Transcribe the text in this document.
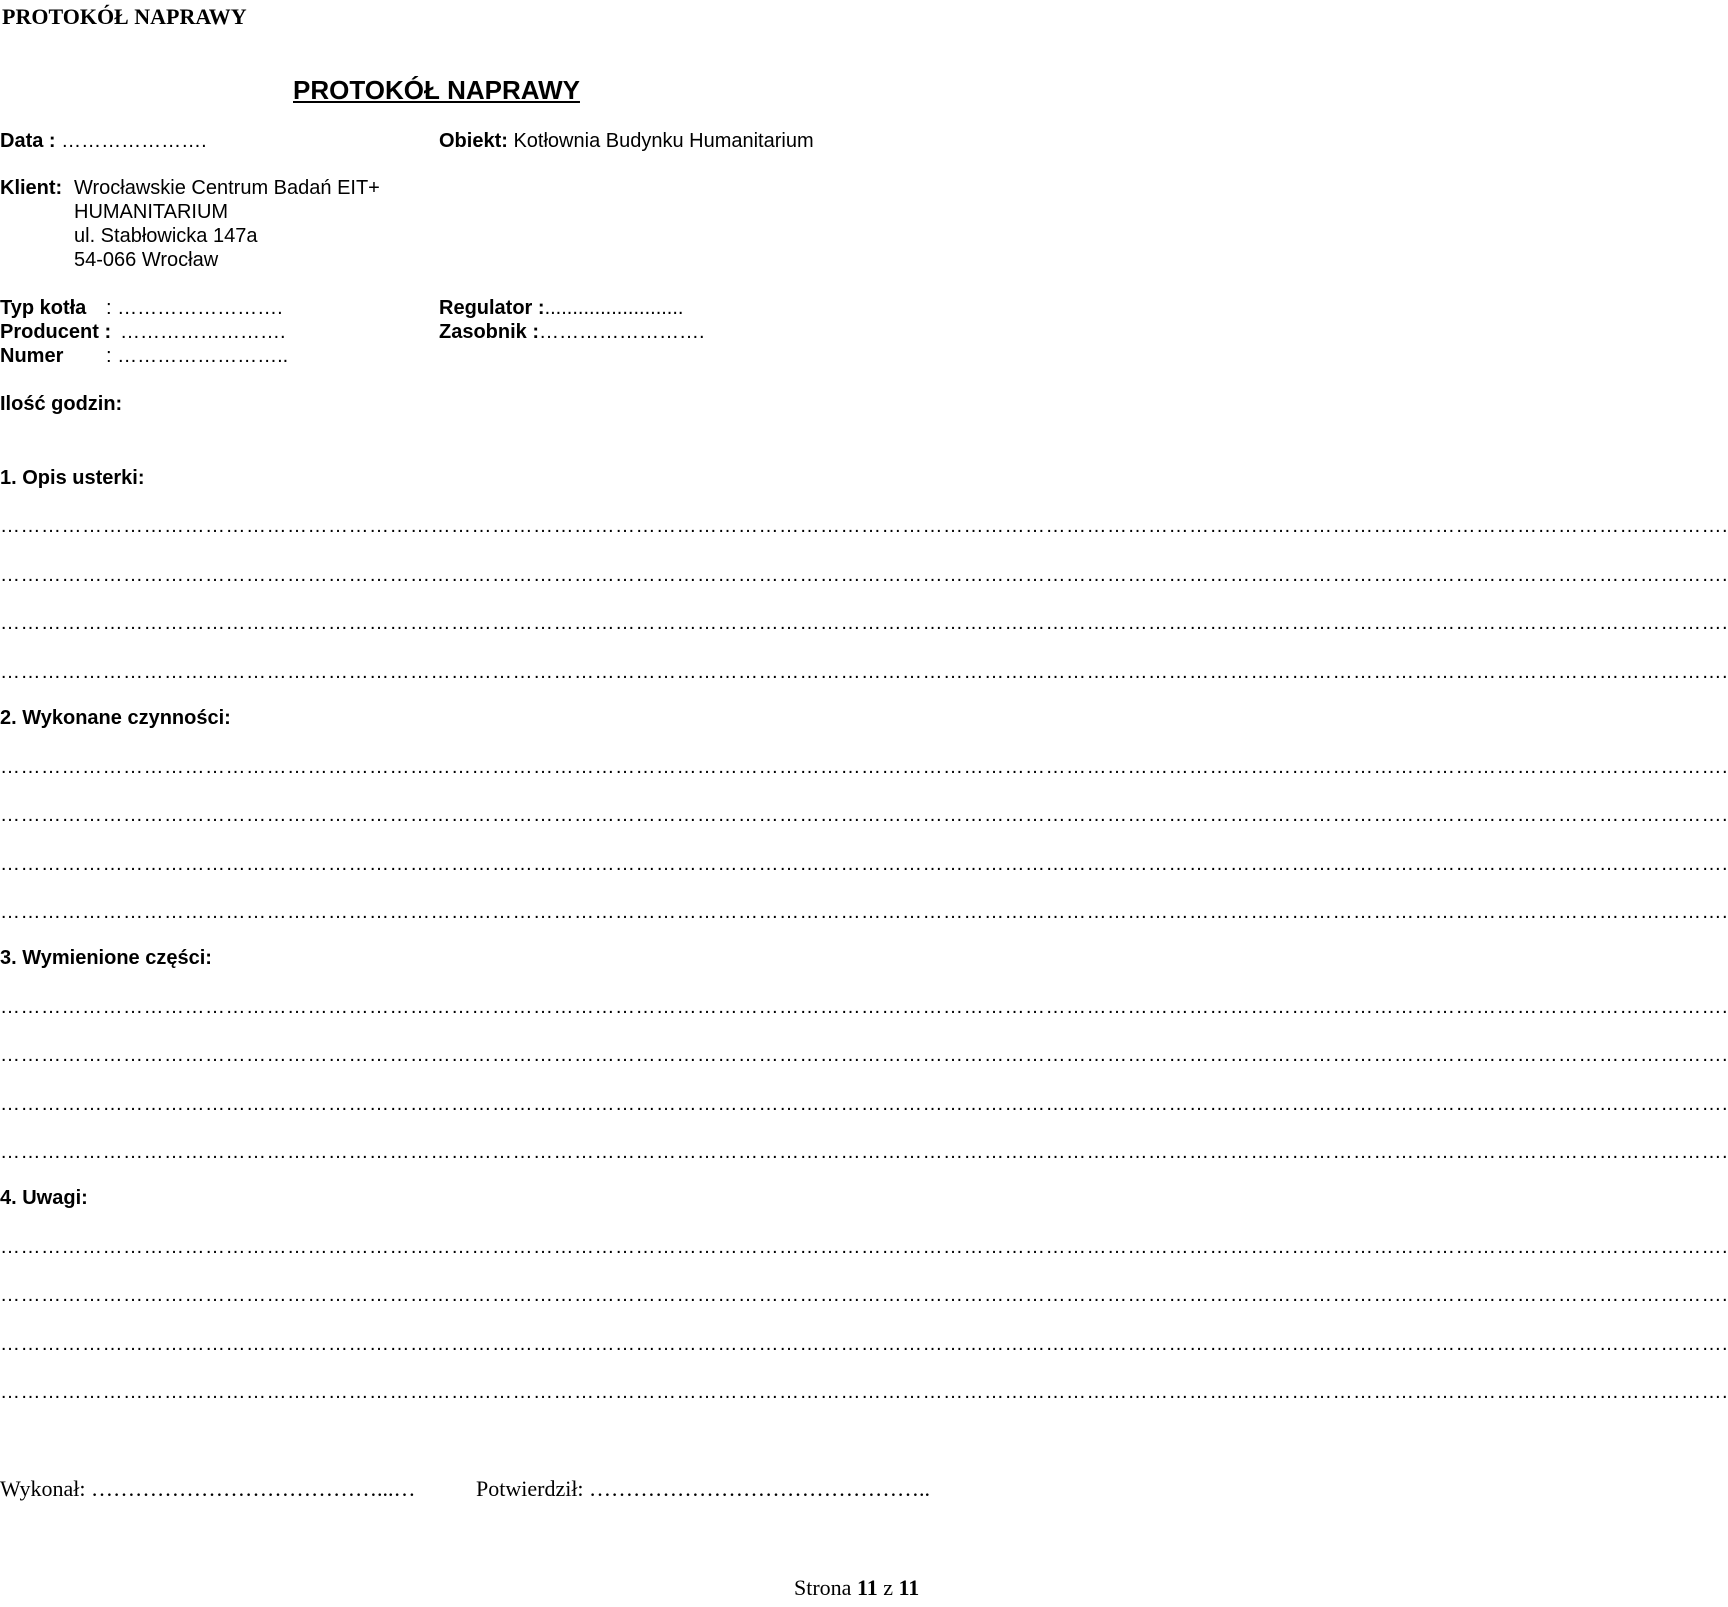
PROTOKÓŁ NAPRAWY
PROTOKÓŁ NAPRAWY
Data : ………………….	Obiekt: Kotłownia Budynku Humanitarium
Klient: Wrocławskie Centrum Badań EIT+
HUMANITARIUM
ul. Stabłowicka 147a
54-066 Wrocław
Typ kotła : …………………….
Producent : …………………….
Numer : ……………………..
Regulator :.........................
Zasobnik :…………………….
Ilość godzin:
1. Opis usterki:
……………………………………………………………………………………………………………………………………………………………………………………………………………………………….
……………………………………………………………………………………………………………………………………………………………………………………………………………………………….
……………………………………………………………………………………………………………………………………………………………………………………………………………………………….
……………………………………………………………………………………………………………………………………………………………………………………………………………………………….
2. Wykonane czynności:
……………………………………………………………………………………………………………………………………………………………………………………………………………………………….
……………………………………………………………………………………………………………………………………………………………………………………………………………………………….
……………………………………………………………………………………………………………………………………………………………………………………………………………………………….
……………………………………………………………………………………………………………………………………………………………………………………………………………………………….
3. Wymienione części:
……………………………………………………………………………………………………………………………………………………………………………………………………………………………….
……………………………………………………………………………………………………………………………………………………………………………………………………………………………….
……………………………………………………………………………………………………………………………………………………………………………………………………………………………….
……………………………………………………………………………………………………………………………………………………………………………………………………………………………….
4. Uwagi:
……………………………………………………………………………………………………………………………………………………………………………………………………………………………….
……………………………………………………………………………………………………………………………………………………………………………………………………………………………….
……………………………………………………………………………………………………………………………………………………………………………………………………………………………….
……………………………………………………………………………………………………………………………………………………………………………………………………………………………….
Wykonał: …………………………………...…	Potwierdził: ………………………………………..
Strona 11 z 11
